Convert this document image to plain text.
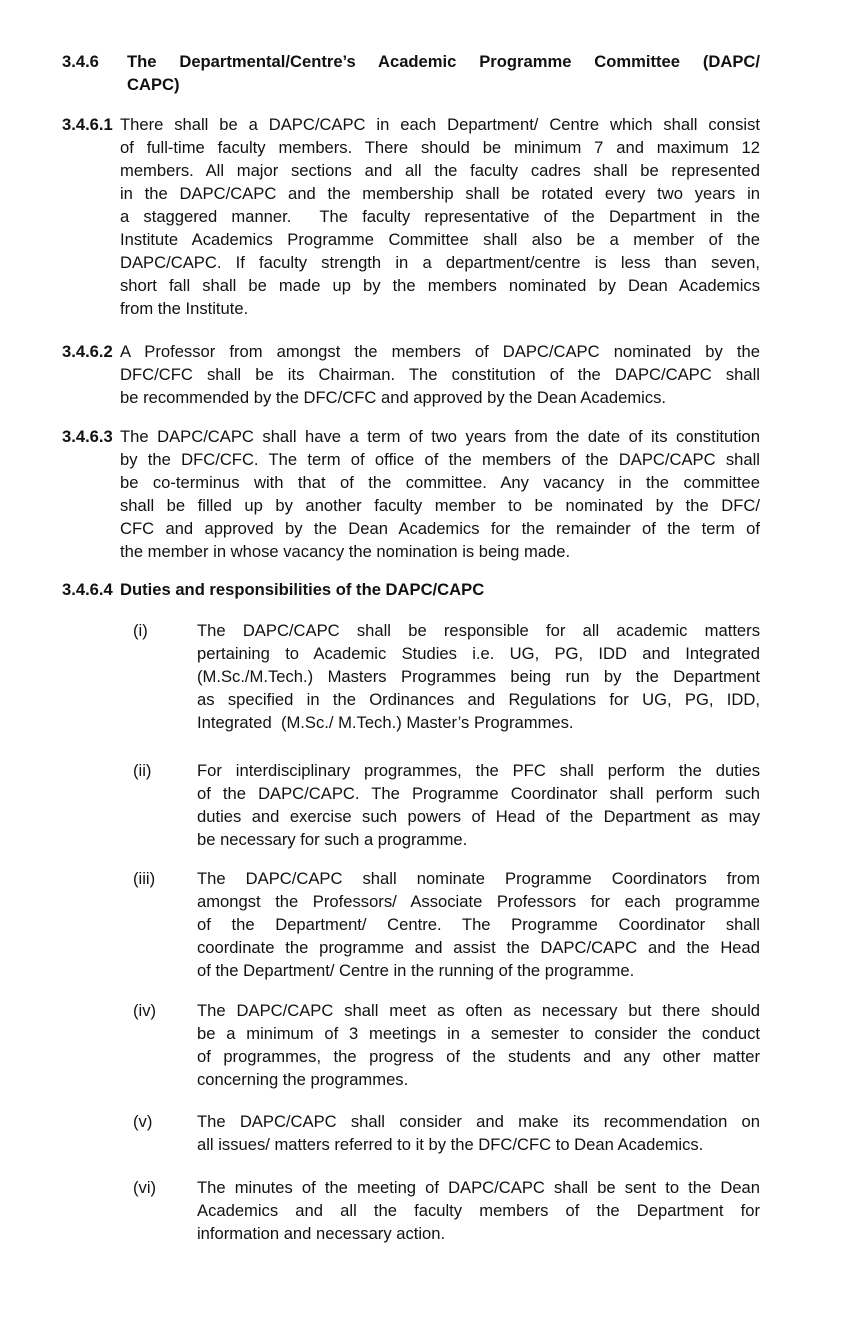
3.4.6 The Departmental/Centre’s Academic Programme Committee (DAPC/
CAPC)
3.4.6.1 There shall be a DAPC/CAPC in each Department/ Centre which shall consist
of full-time faculty members. There should be minimum 7 and maximum 12
members. All major sections and all the faculty cadres shall be represented
in the DAPC/CAPC and the membership shall be rotated every two years in
a staggered manner.  The faculty representative of the Department in the
Institute Academics Programme Committee shall also be a member of the
DAPC/CAPC. If faculty strength in a department/centre is less than seven,
short fall shall be made up by the members nominated by Dean Academics
from the Institute.
3.4.6.2 A Professor from amongst the members of DAPC/CAPC nominated by the
DFC/CFC shall be its Chairman. The constitution of the DAPC/CAPC shall
be recommended by the DFC/CFC and approved by the Dean Academics.
3.4.6.3 The DAPC/CAPC shall have a term of two years from the date of its constitution
by the DFC/CFC. The term of office of the members of the DAPC/CAPC shall
be co-terminus with that of the committee. Any vacancy in the committee
shall be filled up by another faculty member to be nominated by the DFC/
CFC and approved by the Dean Academics for the remainder of the term of
the member in whose vacancy the nomination is being made.
3.4.6.4 Duties and responsibilities of the DAPC/CAPC
(i)	The DAPC/CAPC shall be responsible for all academic matters
pertaining to Academic Studies i.e. UG, PG, IDD and Integrated
(M.Sc./M.Tech.) Masters Programmes being run by the Department
as specified in the Ordinances and Regulations for UG, PG, IDD,
Integrated  (M.Sc./ M.Tech.) Master’s Programmes.
(ii)	For interdisciplinary programmes, the PFC shall perform the duties
of the DAPC/CAPC. The Programme Coordinator shall perform such
duties and exercise such powers of Head of the Department as may
be necessary for such a programme.
(iii)	The DAPC/CAPC shall nominate Programme Coordinators from
amongst the Professors/ Associate Professors for each programme
of the Department/ Centre. The Programme Coordinator shall
coordinate the programme and assist the DAPC/CAPC and the Head
of the Department/ Centre in the running of the programme.
(iv) The DAPC/CAPC shall meet as often as necessary but there should
be a minimum of 3 meetings in a semester to consider the conduct
of programmes, the progress of the students and any other matter
concerning the programmes.
(v)	The DAPC/CAPC shall consider and make its recommendation on
all issues/ matters referred to it by the DFC/CFC to Dean Academics.
(vi) The minutes of the meeting of DAPC/CAPC shall be sent to the Dean
Academics and all the faculty members of the Department for
information and necessary action.
